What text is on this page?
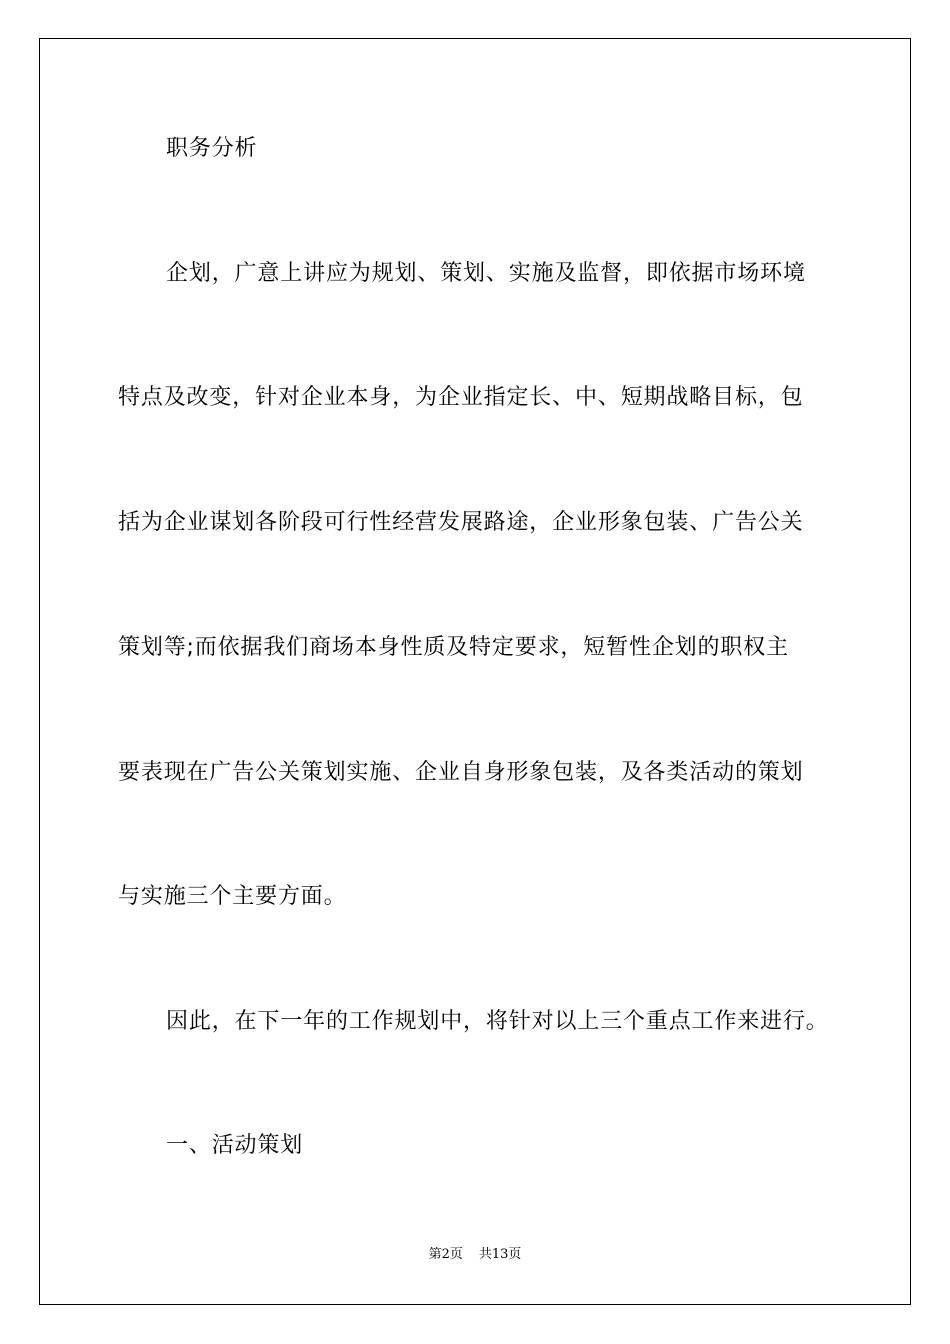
职务分析
企划，广意上讲应为规划、策划、实施及监督，即依据市场环境
特点及改变，针对企业本身，为企业指定长、中、短期战略目标，包
括为企业谋划各阶段可行性经营发展路途，企业形象包装、广告公关
策划等;而依据我们商场本身性质及特定要求，短暂性企划的职权主
要表现在广告公关策划实施、企业自身形象包装，及各类活动的策划
与实施三个主要方面。
因此，在下一年的工作规划中，将针对以上三个重点工作来进行。
一、活动策划
第2页 共13页
